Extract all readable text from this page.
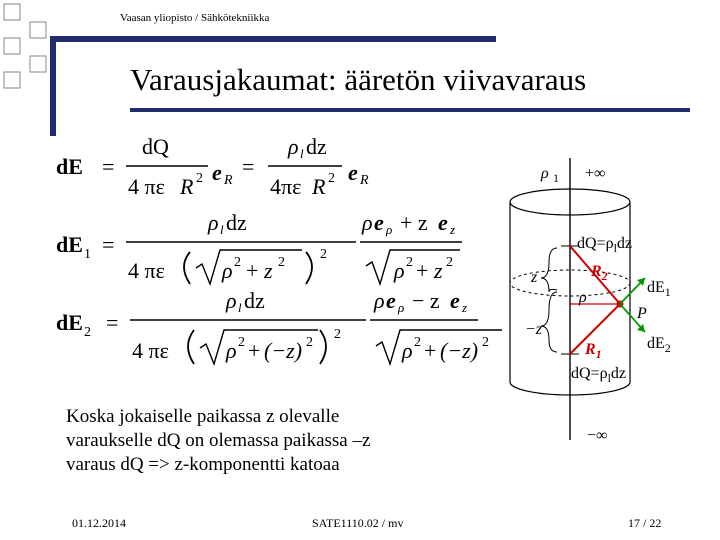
Vaasan yliopisto / Sähkötekniikka
Varausjakaumat: ääretön viivavaraus
dE =
dQ
4 πε R 2 e R
=
ρ l dz
4πε R 2 e R
dE 1 =
ρ l dz
4 πε	ρ 2 + z 2
2
ρ e ρ + z e z
ρ 2 + z 2
dE 2 =
ρ l dz
4 πε	ρ 2 + (−z) 2
2
ρ e ρ − z e z
ρ 2 + (−z) 2
ρ 1 +∞
z
−z
$dQ=\rho_ldz$
$dQ=\rho_ldz$
$R_2$
$R_1$
ρ
P
$dE_1$
$dE_2$
−∞

Koska jokaiselle paikassa z olevalle

varaukselle dQ on olemassa paikassa –z

varaus dQ => z-komponentti katoaa

01.12.2014	SATE1110.02 / mv	17 / 22
